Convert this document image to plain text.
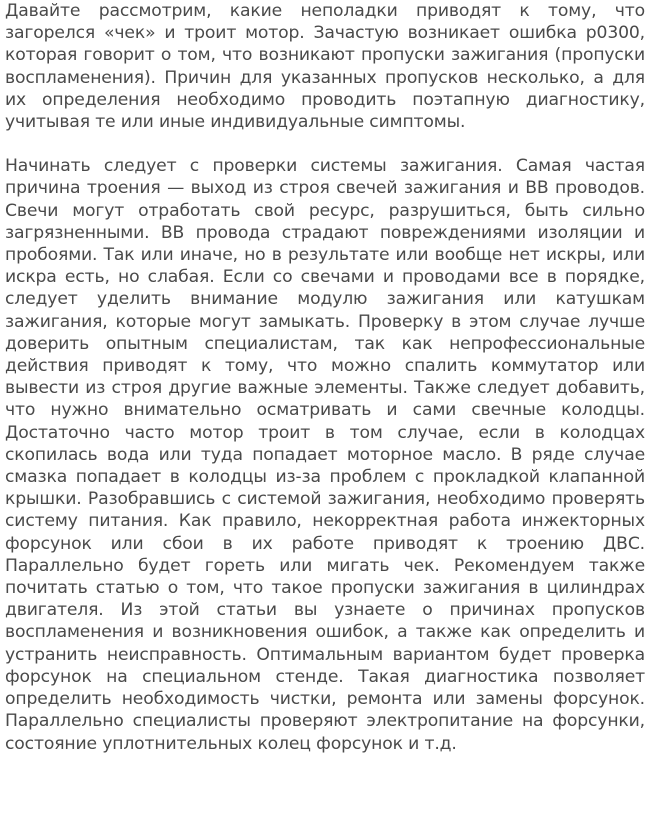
Давайте рассмотрим, какие неполадки приводят к тому, что загорелся «чек» и троит мотор. Зачастую возникает ошибка p0300, которая говорит о том, что возникают пропуски зажигания (пропуски воспламенения). Причин для указанных пропусков несколько, а для их определения необходимо проводить поэтапную диагностику, учитывая те или иные индивидуальные симптомы.

Начинать следует с проверки системы зажигания. Самая частая причина троения — выход из строя свечей зажигания и ВВ проводов. Свечи могут отработать свой ресурс, разрушиться, быть сильно загрязненными. ВВ провода страдают повреждениями изоляции и пробоями. Так или иначе, но в результате или вообще нет искры, или искра есть, но слабая. Если со свечами и проводами все в порядке, следует уделить внимание модулю зажигания или катушкам зажигания, которые могут замыкать. Проверку в этом случае лучше доверить опытным специалистам, так как непрофессиональные действия приводят к тому, что можно спалить коммутатор или вывести из строя другие важные элементы. Также следует добавить, что нужно внимательно осматривать и сами свечные колодцы. Достаточно часто мотор троит в том случае, если в колодцах скопилась вода или туда попадает моторное масло. В ряде случае смазка попадает в колодцы из-за проблем с прокладкой клапанной крышки. Разобравшись с системой зажигания, необходимо проверять систему питания. Как правило, некорректная работа инжекторных форсунок или сбои в их работе приводят к троению ДВС. Параллельно будет гореть или мигать чек. Рекомендуем также почитать статью о том, что такое пропуски зажигания в цилиндрах двигателя. Из этой статьи вы узнаете о причинах пропусков воспламенения и возникновения ошибок, а также как определить и устранить неисправность. Оптимальным вариантом будет проверка форсунок на специальном стенде. Такая диагностика позволяет определить необходимость чистки, ремонта или замены форсунок. Параллельно специалисты проверяют электропитание на форсунки, состояние уплотнительных колец форсунок и т.д.
